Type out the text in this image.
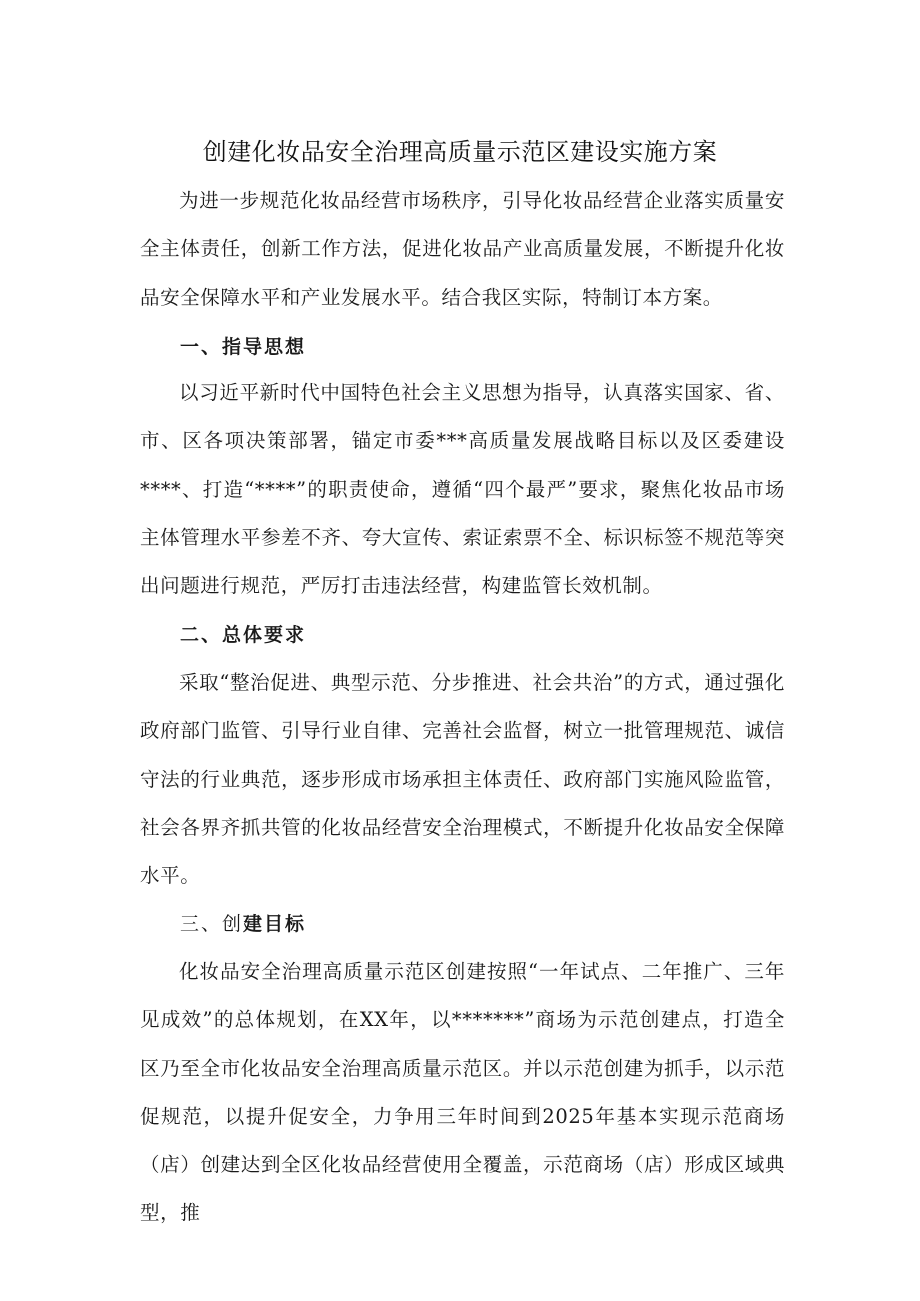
创建化妆品安全治理高质量示范区建设实施方案

为进一步规范化妆品经营市场秩序，引导化妆品经营企业落实质量安全主体责任，创新工作方法，促进化妆品产业高质量发展，不断提升化妆品安全保障水平和产业发展水平。结合我区实际，特制订本方案。

一、指导思想

以习近平新时代中国特色社会主义思想为指导，认真落实国家、省、市、区各项决策部署，锚定市委***高质量发展战略目标以及区委建设****、打造“****”的职责使命，遵循“四个最严”要求，聚焦化妆品市场主体管理水平参差不齐、夸大宣传、索证索票不全、标识标签不规范等突出问题进行规范，严厉打击违法经营，构建监管长效机制。

二、总体要求

采取“整治促进、典型示范、分步推进、社会共治”的方式，通过强化政府部门监管、引导行业自律、完善社会监督，树立一批管理规范、诚信守法的行业典范，逐步形成市场承担主体责任、政府部门实施风险监管，社会各界齐抓共管的化妆品经营安全治理模式，不断提升化妆品安全保障水平。

三、创建目标

化妆品安全治理高质量示范区创建按照“一年试点、二年推广、三年见成效”的总体规划，在XX年，以*******”商场为示范创建点，打造全区乃至全市化妆品安全治理高质量示范区。并以示范创建为抓手，以示范促规范，以提升促安全，力争用三年时间到2025年基本实现示范商场（店）创建达到全区化妆品经营使用全覆盖，示范商场（店）形成区域典型，推
